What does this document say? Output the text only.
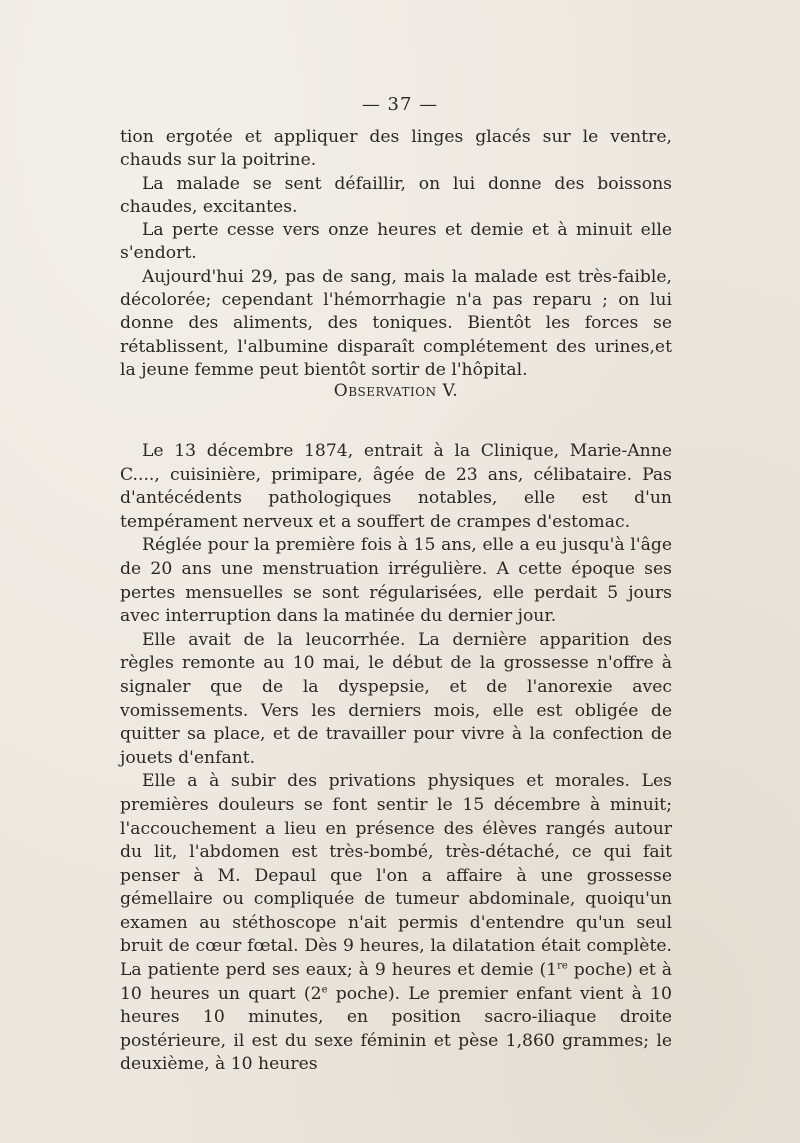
— 37 —

tion ergotée et appliquer des linges glacés sur le ventre, chauds sur la poitrine.

La malade se sent défaillir, on lui donne des boissons chaudes, excitantes.

La perte cesse vers onze heures et demie et à minuit elle s'endort.

Aujourd'hui 29, pas de sang, mais la malade est très-faible, décolorée; cependant l'hémorrhagie n'a pas reparu ; on lui donne des aliments, des toniques. Bientôt les forces se rétablissent, l'albumine disparaît complétement des urines,et la jeune femme peut bientôt sortir de l'hôpital.

Observation V.

Le 13 décembre 1874, entrait à la Clinique, Marie-Anne C...., cuisinière, primipare, âgée de 23 ans, célibataire. Pas d'antécédents pathologiques notables, elle est d'un tempérament nerveux et a souffert de crampes d'estomac.

Réglée pour la première fois à 15 ans, elle a eu jusqu'à l'âge de 20 ans une menstruation irrégulière. A cette époque ses pertes mensuelles se sont régularisées, elle perdait 5 jours avec interruption dans la matinée du dernier jour.

Elle avait de la leucorrhée. La dernière apparition des règles remonte au 10 mai, le début de la grossesse n'offre à signaler que de la dyspepsie, et de l'anorexie avec vomissements. Vers les derniers mois, elle est obligée de quitter sa place, et de travailler pour vivre à la confection de jouets d'enfant.

Elle a à subir des privations physiques et morales. Les premières douleurs se font sentir le 15 décembre à minuit; l'accouchement a lieu en présence des élèves rangés autour du lit, l'abdomen est très-bombé, très-détaché, ce qui fait penser à M. Depaul que l'on a affaire à une grossesse gémellaire ou compliquée de tumeur abdominale, quoiqu'un examen au stéthoscope n'ait permis d'entendre qu'un seul bruit de cœur fœtal. Dès 9 heures, la dilatation était complète. La patiente perd ses eaux; à 9 heures et demie (1re poche) et à 10 heures un quart (2e poche). Le premier enfant vient à 10 heures 10 minutes, en position sacro-iliaque droite postérieure, il est du sexe féminin et pèse 1,860 grammes; le deuxième, à 10 heures
